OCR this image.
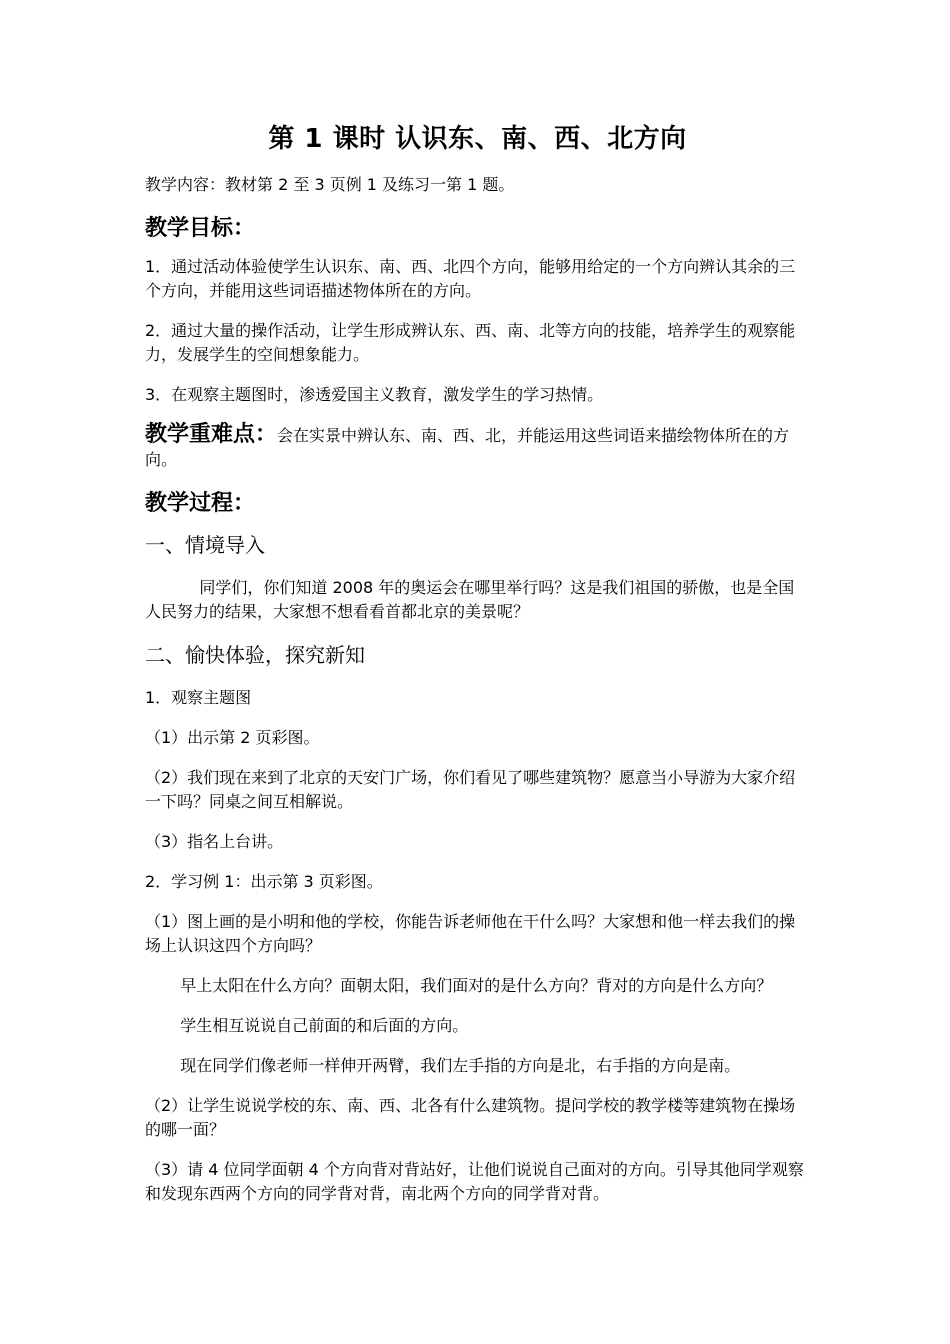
第 1 课时 认识东、南、西、北方向

教学内容：教材第 2 至 3 页例 1 及练习一第 1 题。

教学目标：

1．通过活动体验使学生认识东、南、西、北四个方向，能够用给定的一个方向辨认其余的三个方向，并能用这些词语描述物体所在的方向。

2．通过大量的操作活动，让学生形成辨认东、西、南、北等方向的技能，培养学生的观察能力，发展学生的空间想象能力。

3．在观察主题图时，渗透爱国主义教育，激发学生的学习热情。

教学重难点：会在实景中辨认东、南、西、北，并能运用这些词语来描绘物体所在的方向。

教学过程：
一、情境导入

同学们，你们知道 2008 年的奥运会在哪里举行吗？这是我们祖国的骄傲，也是全国人民努力的结果，大家想不想看看首都北京的美景呢？

二、愉快体验，探究新知

1．观察主题图

（1）出示第 2 页彩图。

（2）我们现在来到了北京的天安门广场，你们看见了哪些建筑物？愿意当小导游为大家介绍一下吗？同桌之间互相解说。

（3）指名上台讲。

2．学习例 1：出示第 3 页彩图。

（1）图上画的是小明和他的学校，你能告诉老师他在干什么吗？大家想和他一样去我们的操场上认识这四个方向吗？

早上太阳在什么方向？面朝太阳，我们面对的是什么方向？背对的方向是什么方向？

学生相互说说自己前面的和后面的方向。

现在同学们像老师一样伸开两臂，我们左手指的方向是北，右手指的方向是南。

（2）让学生说说学校的东、南、西、北各有什么建筑物。提问学校的教学楼等建筑物在操场的哪一面？

（3）请 4 位同学面朝 4 个方向背对背站好，让他们说说自己面对的方向。引导其他同学观察和发现东西两个方向的同学背对背，南北两个方向的同学背对背。
